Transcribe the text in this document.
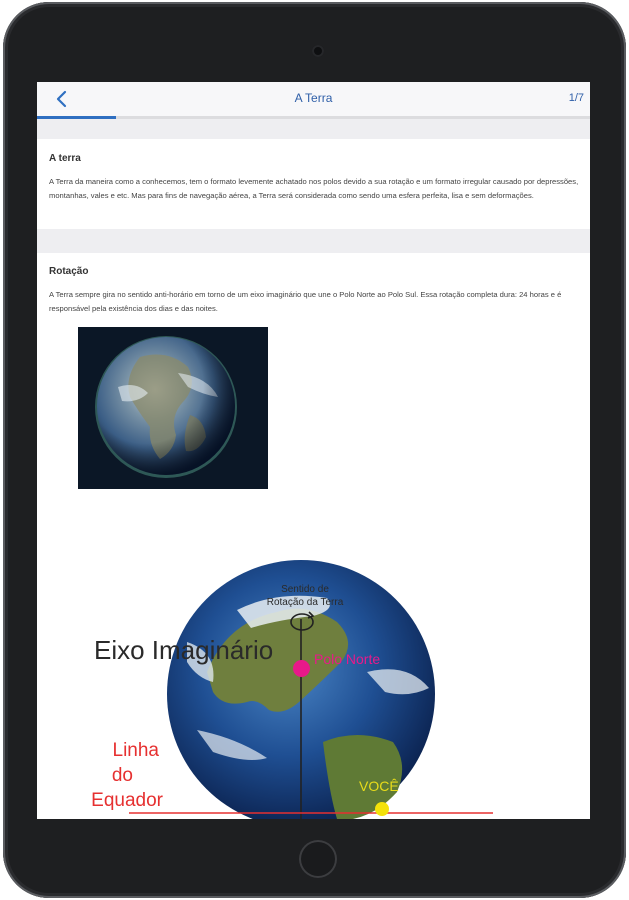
A Terra	1/7
A terra
A Terra da maneira como a conhecemos, tem o formato levemente achatado nos polos devido a sua rotação e um formato irregular causado por depressões, montanhas, vales e etc. Mas para fins de navegação aérea, a Terra será considerada como sendo uma esfera perfeita, lisa e sem deformações.
Rotação
A Terra sempre gira no sentido anti-horário em torno de um eixo imaginário que une o Polo Norte ao Polo Sul. Essa rotação completa dura: 24 horas e é responsável pela existência dos dias e das noites.
Sentido de
Rotação da Terra
Eixo Imaginário	Polo Norte
Linha
do
Equador
VOCÊ
